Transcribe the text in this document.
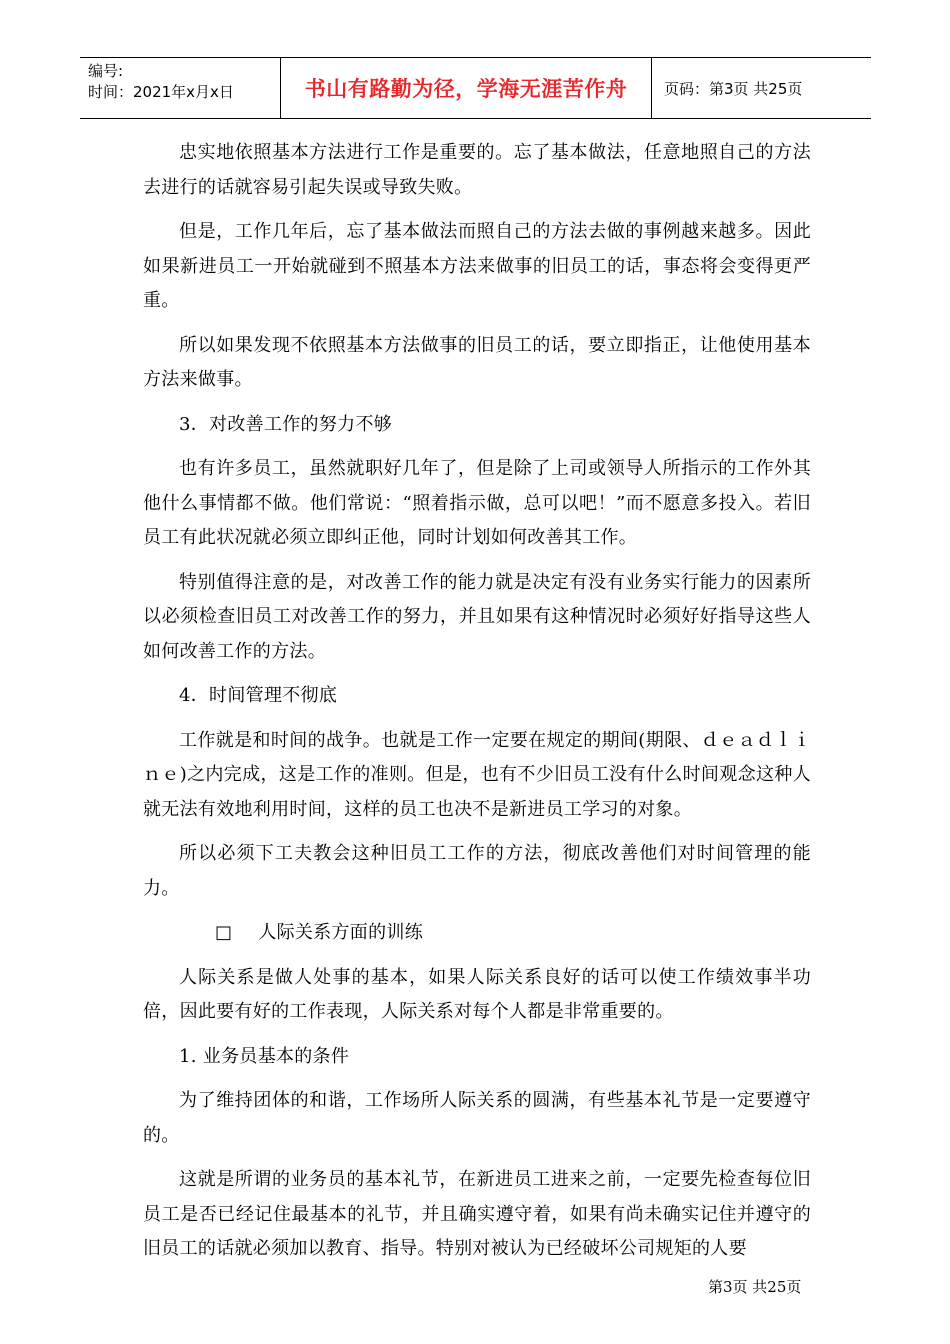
编号:
时间：2021年x月x日	书山有路勤为径，学海无涯苦作舟	页码：第3页 共25页

忠实地依照基本方法进行工作是重要的。忘了基本做法，任意地照自己的方法去进行的话就容易引起失误或导致失败。

但是，工作几年后，忘了基本做法而照自己的方法去做的事例越来越多。因此如果新进员工一开始就碰到不照基本方法来做事的旧员工的话，事态将会变得更严重。

所以如果发现不依照基本方法做事的旧员工的话，要立即指正，让他使用基本方法来做事。

3．对改善工作的努力不够

也有许多员工，虽然就职好几年了，但是除了上司或领导人所指示的工作外其他什么事情都不做。他们常说：“照着指示做，总可以吧！”而不愿意多投入。若旧员工有此状况就必须立即纠正他，同时计划如何改善其工作。

特别值得注意的是，对改善工作的能力就是决定有没有业务实行能力的因素所以必须检查旧员工对改善工作的努力，并且如果有这种情况时必须好好指导这些人如何改善工作的方法。

4．时间管理不彻底

工作就是和时间的战争。也就是工作一定要在规定的期间(期限、ｄｅａｄｌｉｎｅ)之内完成，这是工作的准则。但是，也有不少旧员工没有什么时间观念这种人就无法有效地利用时间，这样的员工也决不是新进员工学习的对象。

所以必须下工夫教会这种旧员工工作的方法，彻底改善他们对时间管理的能力。

□ 人际关系方面的训练

人际关系是做人处事的基本，如果人际关系良好的话可以使工作绩效事半功倍，因此要有好的工作表现，人际关系对每个人都是非常重要的。

1. 业务员基本的条件

为了维持团体的和谐，工作场所人际关系的圆满，有些基本礼节是一定要遵守的。

这就是所谓的业务员的基本礼节，在新进员工进来之前，一定要先检查每位旧员工是否已经记住最基本的礼节，并且确实遵守着，如果有尚未确实记住并遵守的旧员工的话就必须加以教育、指导。特别对被认为已经破坏公司规矩的人要

第3页 共25页
